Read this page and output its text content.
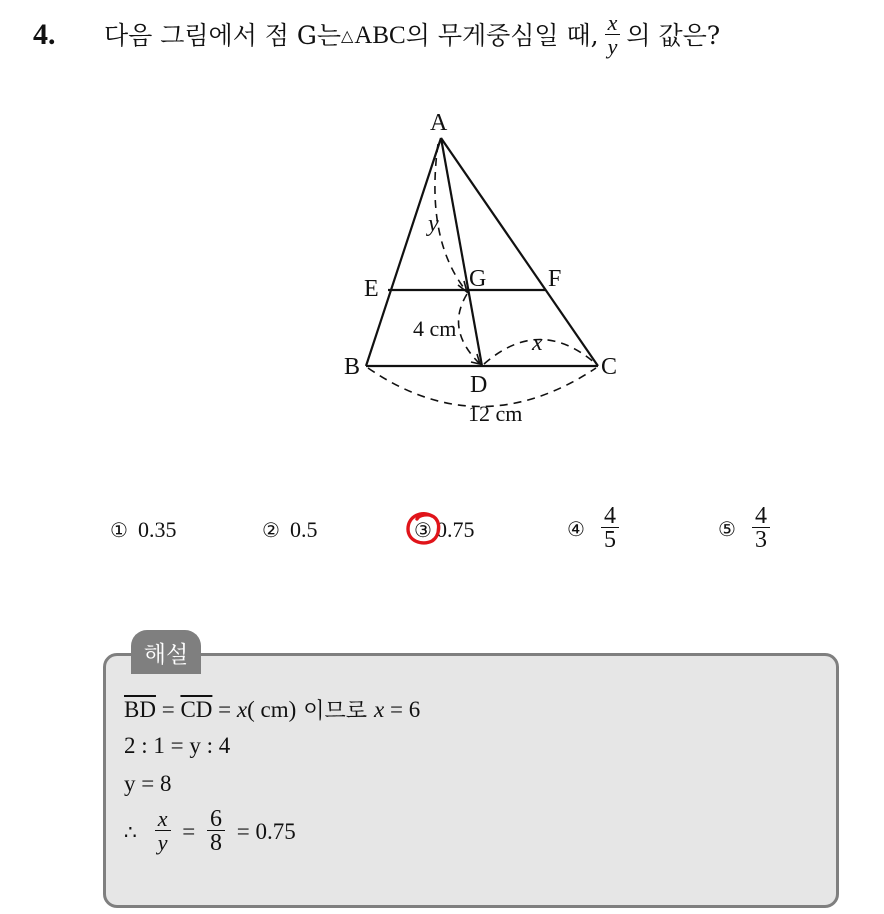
4. 다음 그림에서 점 G는 △ ABC 의 무게중심일 때, $\frac{x}{y}$ 의 값은?
A
E	G	F
B	C
D
y
x
4 cm
12 cm
① 0.35	② 0.5	③ 0.75	④ $\frac{4}{5}$	⑤ $\frac{4}{3}$
해설
$\overline{BD} = \overline{CD} = x$ ( cm) 이므로 x = 6
2 : 1 = y : 4
y = 8
∴ $\frac{x}{y} = \frac{6}{8} = 0.75$
